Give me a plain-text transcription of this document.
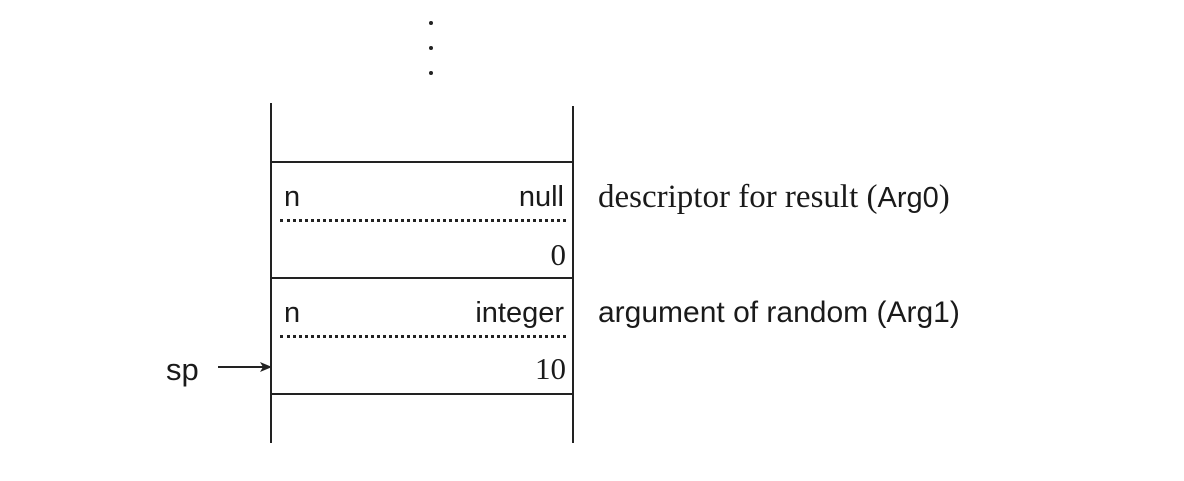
n	null
0
n	integer
10
descriptor for result (Arg0)
argument of random (Arg1)
sp
